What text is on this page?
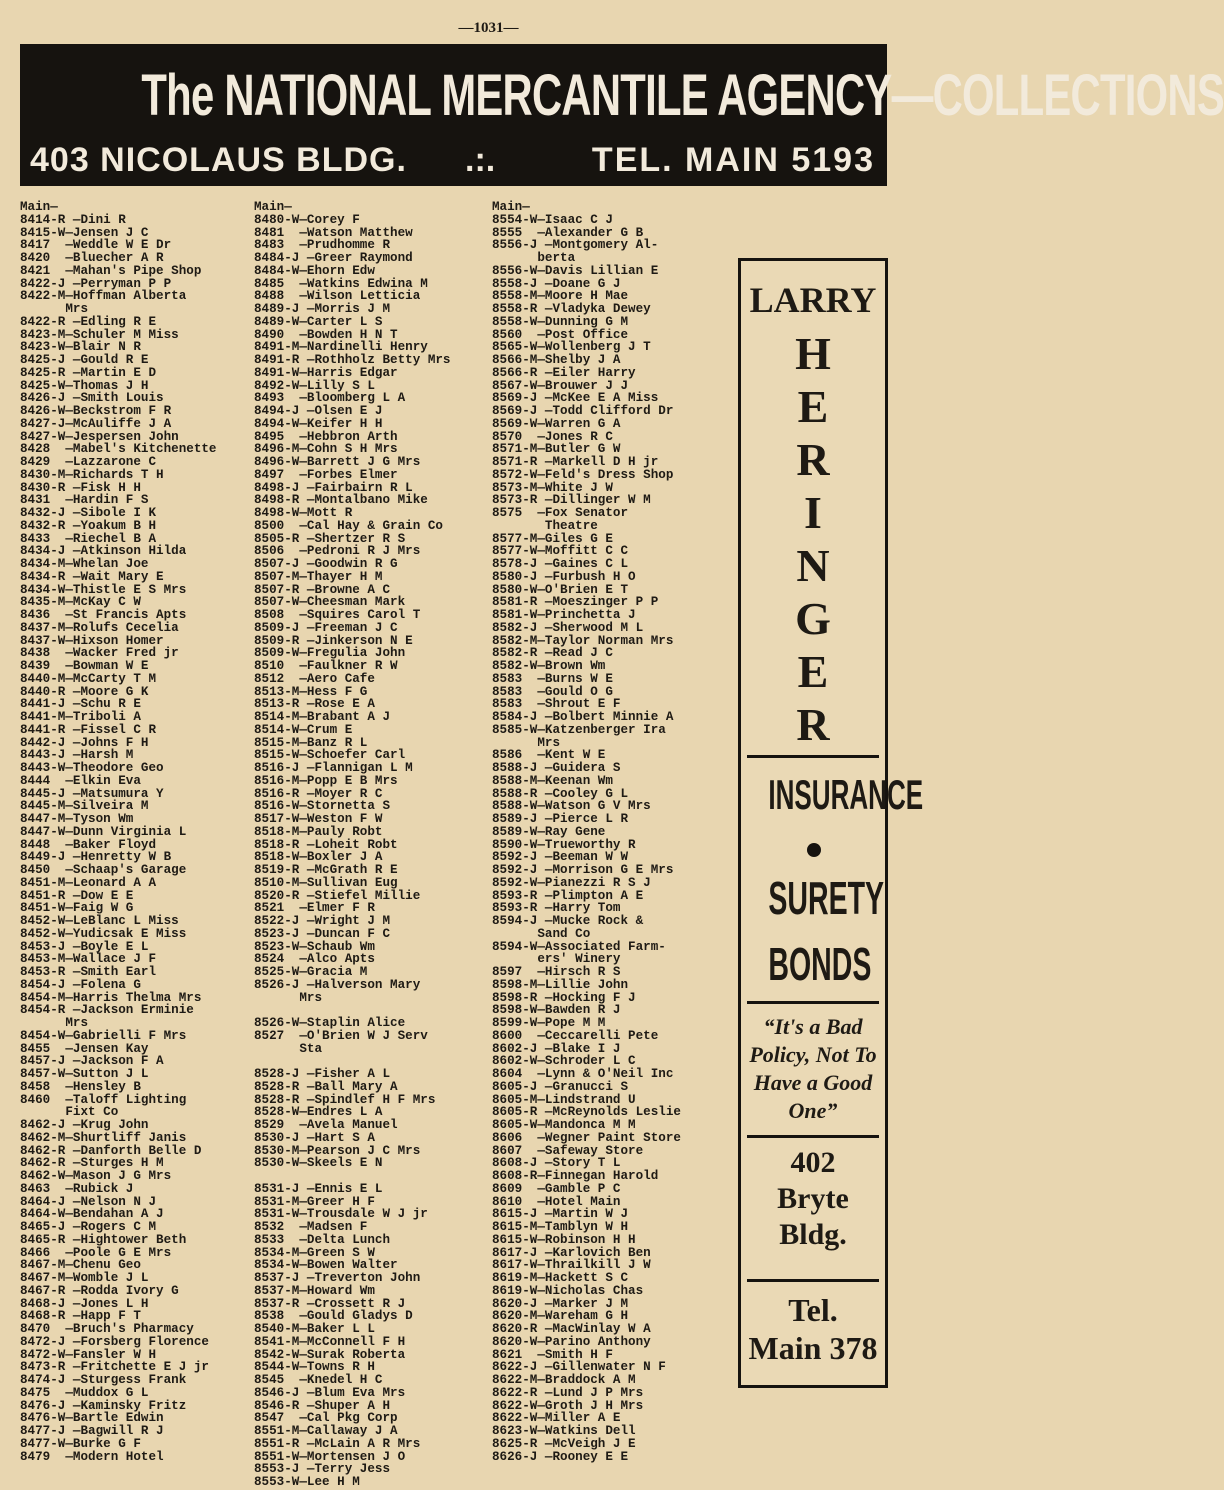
—1031—
The NATIONAL MERCANTILE AGENCY—COLLECTIONS
403 NICOLAUS BLDG. .:.	TEL. MAIN 5193
Main—
8414-R —Dini R
8415-W—Jensen J C
8417  —Weddle W E Dr
8420  —Bluecher A R
8421  —Mahan's Pipe Shop
8422-J —Perryman P P
8422-M—Hoffman Alberta
Mrs
8422-R —Edling R E
8423-M—Schuler M Miss
8423-W—Blair N R
8425-J —Gould R E
8425-R —Martin E D
8425-W—Thomas J H
8426-J —Smith Louis
8426-W—Beckstrom F R
8427-J—McAuliffe J A
8427-W—Jespersen John
8428  —Mabel's Kitchenette
8429  —Lazzarone C
8430-M—Richards T H
8430-R —Fisk H H
8431  —Hardin F S
8432-J —Sibole I K
8432-R —Yoakum B H
8433  —Riechel B A
8434-J —Atkinson Hilda
8434-M—Whelan Joe
8434-R —Wait Mary E
8434-W—Thistle E S Mrs
8435-M—McKay C W
8436  —St Francis Apts
8437-M—Rolufs Cecelia
8437-W—Hixson Homer
8438  —Wacker Fred jr
8439  —Bowman W E
8440-M—McCarty T M
8440-R —Moore G K
8441-J —Schu R E
8441-M—Triboli A
8441-R —Fissel C R
8442-J —Johns F H
8443-J —Harsh M
8443-W—Theodore Geo
8444  —Elkin Eva
8445-J —Matsumura Y
8445-M—Silveira M
8447-M—Tyson Wm
8447-W—Dunn Virginia L
8448  —Baker Floyd
8449-J —Henretty W B
8450  —Schaap's Garage
8451-M—Leonard A A
8451-R —Dow E E
8451-W—Faig W G
8452-W—LeBlanc L Miss
8452-W—Yudicsak E Miss
8453-J —Boyle E L
8453-M—Wallace J F
8453-R —Smith Earl
8454-J —Folena G
8454-M—Harris Thelma Mrs
8454-R —Jackson Erminie
Mrs
8454-W—Gabrielli F Mrs
8455  —Jensen Kay
8457-J —Jackson F A
8457-W—Sutton J L
8458  —Hensley B
8460  —Taloff Lighting
Fixt Co
8462-J —Krug John
8462-M—Shurtliff Janis
8462-R —Danforth Belle D
8462-R —Sturges H M
8462-W—Mason J G Mrs
8463  —Rubick J
8464-J —Nelson N J
8464-W—Bendahan A J
8465-J —Rogers C M
8465-R —Hightower Beth
8466  —Poole G E Mrs
8467-M—Chenu Geo
8467-M—Womble J L
8467-R —Rodda Ivory G
8468-J —Jones L H
8468-R —Happ F T
8470  —Bruch's Pharmacy
8472-J —Forsberg Florence
8472-W—Fansler W H
8473-R —Fritchette E J jr
8474-J —Sturgess Frank
8475  —Muddox G L
8476-J —Kaminsky Fritz
8476-W—Bartle Edwin
8477-J —Bagwill R J
8477-W—Burke G F
8479  —Modern Hotel
Main—
8480-W—Corey F
8481  —Watson Matthew
8483  —Prudhomme R
8484-J —Greer Raymond
8484-W—Ehorn Edw
8485  —Watkins Edwina M
8488  —Wilson Letticia
8489-J —Morris J M
8489-W—Carter L S
8490  —Bowden H N T
8491-M—Nardinelli Henry
8491-R —Rothholz Betty Mrs
8491-W—Harris Edgar
8492-W—Lilly S L
8493  —Bloomberg L A
8494-J —Olsen E J
8494-W—Keifer H H
8495  —Hebbron Arth
8496-M—Cohn S H Mrs
8496-W—Barrett J G Mrs
8497  —Forbes Elmer
8498-J —Fairbairn R L
8498-R —Montalbano Mike
8498-W—Mott R
8500  —Cal Hay & Grain Co
8505-R —Shertzer R S
8506  —Pedroni R J Mrs
8507-J —Goodwin R G
8507-M—Thayer H M
8507-R —Browne A C
8507-W—Cheesman Mark
8508  —Squires Carol T
8509-J —Freeman J C
8509-R —Jinkerson N E
8509-W—Fregulia John
8510  —Faulkner R W
8512  —Aero Cafe
8513-M—Hess F G
8513-R —Rose E A
8514-M—Brabant A J
8514-W—Crum E
8515-M—Banz R L
8515-W—Schoefer Carl
8516-J —Flannigan L M
8516-M—Popp E B Mrs
8516-R —Moyer R C
8516-W—Stornetta S
8517-W—Weston F W
8518-M—Pauly Robt
8518-R —Loheit Robt
8518-W—Boxler J A
8519-R —McGrath R E
8510-M—Sullivan Eug
8520-R —Stiefel Millie
8521  —Elmer F R
8522-J —Wright J M
8523-J —Duncan F C
8523-W—Schaub Wm
8524  —Alco Apts
8525-W—Gracia M
8526-J —Halverson Mary
Mrs
8526-W—Staplin Alice
8527  —O'Brien W J Serv
Sta
8528-J —Fisher A L
8528-R —Ball Mary A
8528-R —Spindlef H F Mrs
8528-W—Endres L A
8529  —Avela Manuel
8530-J —Hart S A
8530-M—Pearson J C Mrs
8530-W—Skeels E N
8531-J —Ennis E L
8531-M—Greer H F
8531-W—Trousdale W J jr
8532  —Madsen F
8533  —Delta Lunch
8534-M—Green S W
8534-W—Bowen Walter
8537-J —Treverton John
8537-M—Howard Wm
8537-R —Crossett R J
8538  —Gould Gladys D
8540-M—Baker L L
8541-M—McConnell F H
8542-W—Surak Roberta
8544-W—Towns R H
8545  —Knedel H C
8546-J —Blum Eva Mrs
8546-R —Shuper A H
8547  —Cal Pkg Corp
8551-M—Callaway J A
8551-R —McLain A R Mrs
8551-W—Mortensen J O
8553-J —Terry Jess
8553-W—Lee H M
Main—
8554-W—Isaac C J
8555  —Alexander G B
8556-J —Montgomery Al-
berta
8556-W—Davis Lillian E
8558-J —Doane G J
8558-M—Moore H Mae
8558-R —Vladyka Dewey
8558-W—Dunning G M
8560  —Post Office
8565-W—Wollenberg J T
8566-M—Shelby J A
8566-R —Eiler Harry
8567-W—Brouwer J J
8569-J —McKee E A Miss
8569-J —Todd Clifford Dr
8569-W—Warren G A
8570  —Jones R C
8571-M—Butler G W
8571-R —Markell D H jr
8572-W—Feld's Dress Shop
8573-M—White J W
8573-R —Dillinger W M
8575  —Fox Senator
Theatre
8577-M—Giles G E
8577-W—Moffitt C C
8578-J —Gaines C L
8580-J —Furbush H O
8580-W—O'Brien E T
8581-R —Moeszinger P P
8581-W—Princhetta J
8582-J —Sherwood M L
8582-M—Taylor Norman Mrs
8582-R —Read J C
8582-W—Brown Wm
8583  —Burns W E
8583  —Gould O G
8583  —Shrout E F
8584-J —Bolbert Minnie A
8585-W—Katzenberger Ira
Mrs
8586  —Kent W E
8588-J —Guidera S
8588-M—Keenan Wm
8588-R —Cooley G L
8588-W—Watson G V Mrs
8589-J —Pierce L R
8589-W—Ray Gene
8590-W—Trueworthy R
8592-J —Beeman W W
8592-J —Morrison G E Mrs
8592-W—Pianezzi R S J
8593-R —Plimpton A E
8593-R —Harry Tom
8594-J —Mucke Rock &
Sand Co
8594-W—Associated Farm-
ers' Winery
8597  —Hirsch R S
8598-M—Lillie John
8598-R —Hocking F J
8598-W—Bawden R J
8599-W—Pope M M
8600  —Ceccarelli Pete
8602-J —Blake I J
8602-W—Schroder L C
8604  —Lynn & O'Neil Inc
8605-J —Granucci S
8605-M—Lindstrand U
8605-R —McReynolds Leslie
8605-W—Mandonca M M
8606  —Wegner Paint Store
8607  —Safeway Store
8608-J —Story T L
8608-R—Finnegan Harold
8609  —Gamble P C
8610  —Hotel Main
8615-J —Martin W J
8615-M—Tamblyn W H
8615-W—Robinson H H
8617-J —Karlovich Ben
8617-W—Thrailkill J W
8619-M—Hackett S C
8619-W—Nicholas Chas
8620-J —Marker J M
8620-M—Wareham G H
8620-R —MacWinlay W A
8620-W—Parino Anthony
8621  —Smith H F
8622-J —Gillenwater N F
8622-M—Braddock A M
8622-R —Lund J P Mrs
8622-W—Groth J H Mrs
8622-W—Miller A E
8623-W—Watkins Dell
8625-R —McVeigh J E
8626-J —Rooney E E
LARRY
H
E
R
I
N
G
E
R
INSURANCE
SURETY
BONDS
“It's a Bad Policy, Not To Have a Good One”
402
Bryte
Bldg.
Tel.
Main 378
